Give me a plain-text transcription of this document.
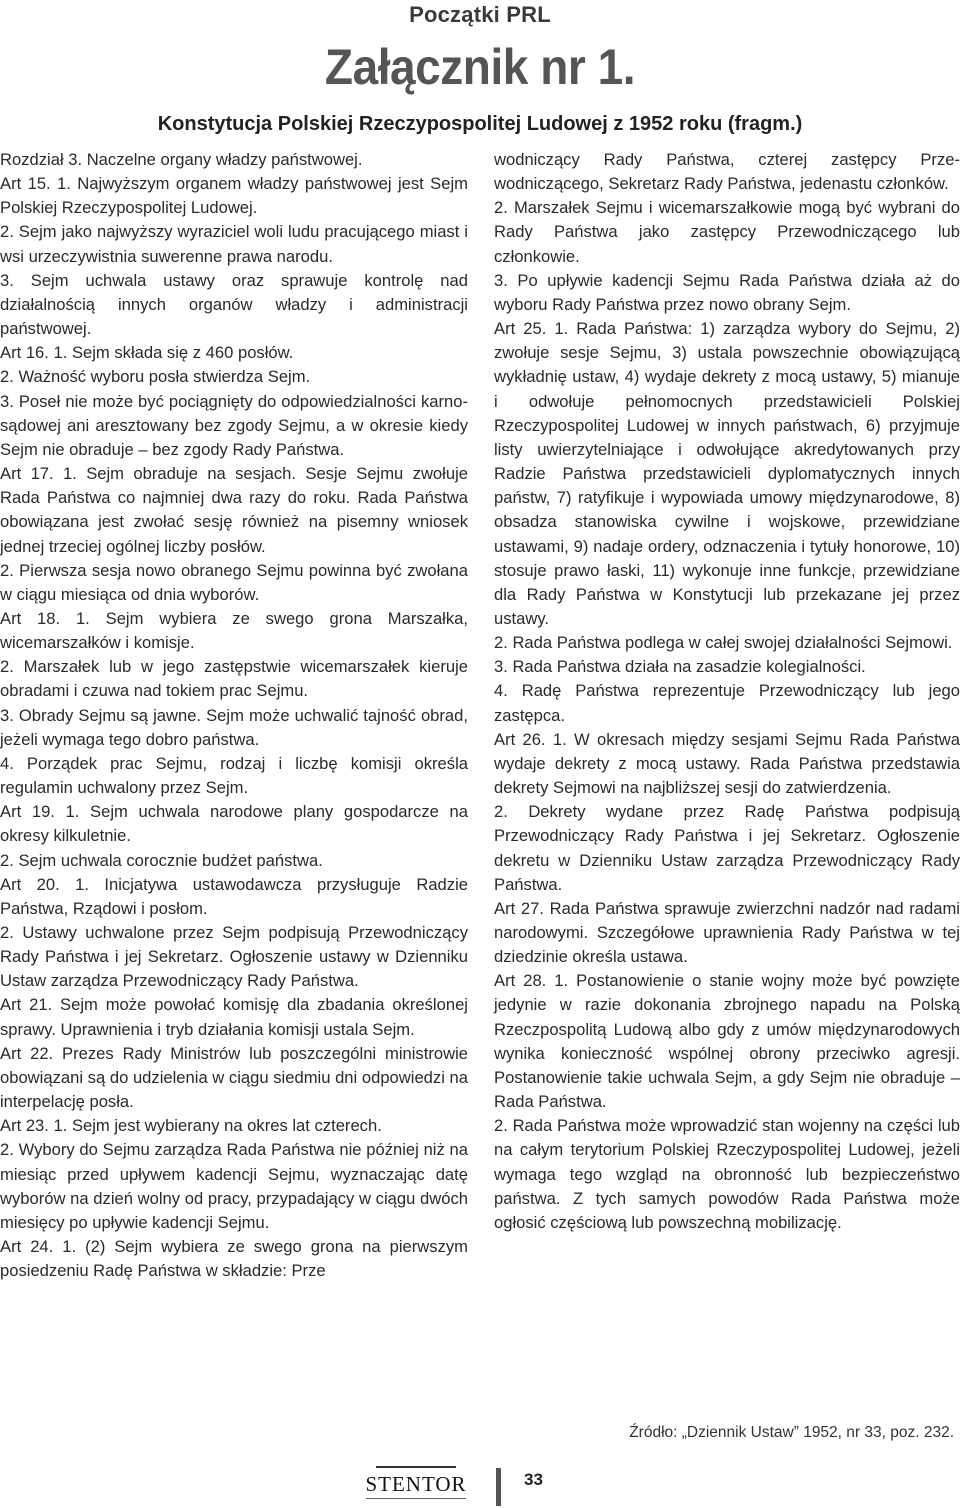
Początki PRL
Załącznik nr 1.
Konstytucja Polskiej Rzeczypospolitej Ludowej z 1952 roku (fragm.)

Rozdział 3. Naczelne organy władzy państwowej.

Art 15. 1. Najwyższym organem władzy państwowej jest Sejm Polskiej Rzeczypospolitej Ludowej.

2. Sejm jako najwyższy wyraziciel woli ludu pracującego miast i wsi urzeczywistnia suwerenne prawa narodu.

3. Sejm uchwala ustawy oraz sprawuje kontrolę nad działalnością innych organów władzy i administracji państwowej.

Art 16. 1. Sejm składa się z 460 posłów.

2. Ważność wyboru posła stwierdza Sejm.

3. Poseł nie może być pociągnięty do odpowiedzialności karno-sądowej ani aresztowany bez zgody Sejmu, a w okresie kiedy Sejm nie obraduje – bez zgody Rady Państwa.

Art 17. 1. Sejm obraduje na sesjach. Sesje Sejmu zwołuje Rada Państwa co najmniej dwa razy do roku. Rada Państwa obowiązana jest zwołać sesję również na pisemny wniosek jednej trzeciej ogólnej liczby posłów.

2. Pierwsza sesja nowo obranego Sejmu powinna być zwołana w ciągu miesiąca od dnia wyborów.

Art 18. 1. Sejm wybiera ze swego grona Marszałka, wicemarszałków i komisje.

2. Marszałek lub w jego zastępstwie wicemarszałek kieruje obradami i czuwa nad tokiem prac Sejmu.

3. Obrady Sejmu są jawne. Sejm może uchwalić tajność obrad, jeżeli wymaga tego dobro państwa.

4. Porządek prac Sejmu, rodzaj i liczbę komisji określa regulamin uchwalony przez Sejm.

Art 19. 1. Sejm uchwala narodowe plany gospodarcze na okresy kilkuletnie.

2. Sejm uchwala corocznie budżet państwa.

Art 20. 1. Inicjatywa ustawodawcza przysługuje Radzie Państwa, Rządowi i posłom.

2. Ustawy uchwalone przez Sejm podpisują Przewodniczący Rady Państwa i jej Sekretarz. Ogłoszenie ustawy w Dzienniku Ustaw zarządza Przewodniczący Rady Państwa.

Art 21. Sejm może powołać komisję dla zbadania określonej sprawy. Uprawnienia i tryb działania komisji ustala Sejm.

Art 22. Prezes Rady Ministrów lub poszczególni ministrowie obowiązani są do udzielenia w ciągu siedmiu dni odpowiedzi na interpelację posła.

Art 23. 1. Sejm jest wybierany na okres lat czterech.

2. Wybory do Sejmu zarządza Rada Państwa nie później niż na miesiąc przed upływem kadencji Sejmu, wyznaczając datę wyborów na dzień wolny od pracy, przypadający w ciągu dwóch miesięcy po upływie kadencji Sejmu.

Art 24. 1. (2) Sejm wybiera ze swego grona na pierwszym posiedzeniu Radę Państwa w składzie: Prze

wodniczący Rady Państwa, czterej zastępcy Przewodniczącego, Sekretarz Rady Państwa, jedenastu członków.

2. Marszałek Sejmu i wicemarszałkowie mogą być wybrani do Rady Państwa jako zastępcy Przewodniczącego lub członkowie.

3. Po upływie kadencji Sejmu Rada Państwa działa aż do wyboru Rady Państwa przez nowo obrany Sejm.

Art 25. 1. Rada Państwa: 1) zarządza wybory do Sejmu, 2) zwołuje sesje Sejmu, 3) ustala powszechnie obowiązującą wykładnię ustaw, 4) wydaje dekrety z mocą ustawy, 5) mianuje i odwołuje pełnomocnych przedstawicieli Polskiej Rzeczypospolitej Ludowej w innych państwach, 6) przyjmuje listy uwierzytelniające i odwołujące akredytowanych przy Radzie Państwa przedstawicieli dyplomatycznych innych państw, 7) ratyfikuje i wypowiada umowy międzynarodowe, 8) obsadza stanowiska cywilne i wojskowe, przewidziane ustawami, 9) nadaje ordery, odznaczenia i tytuły honorowe, 10) stosuje prawo łaski, 11) wykonuje inne funkcje, przewidziane dla Rady Państwa w Konstytucji lub przekazane jej przez ustawy.

2. Rada Państwa podlega w całej swojej działalności Sejmowi.

3. Rada Państwa działa na zasadzie kolegialności.

4. Radę Państwa reprezentuje Przewodniczący lub jego zastępca.

Art 26. 1. W okresach między sesjami Sejmu Rada Państwa wydaje dekrety z mocą ustawy. Rada Państwa przedstawia dekrety Sejmowi na najbliższej sesji do zatwierdzenia.

2. Dekrety wydane przez Radę Państwa podpisują Przewodniczący Rady Państwa i jej Sekretarz. Ogłoszenie dekretu w Dzienniku Ustaw zarządza Przewodniczący Rady Państwa.

Art 27. Rada Państwa sprawuje zwierzchni nadzór nad radami narodowymi. Szczegółowe uprawnienia Rady Państwa w tej dziedzinie określa ustawa.

Art 28. 1. Postanowienie o stanie wojny może być powzięte jedynie w razie dokonania zbrojnego napadu na Polską Rzeczpospolitą Ludową albo gdy z umów międzynarodowych wynika konieczność wspólnej obrony przeciwko agresji. Postanowienie takie uchwala Sejm, a gdy Sejm nie obraduje – Rada Państwa.

2. Rada Państwa może wprowadzić stan wojenny na części lub na całym terytorium Polskiej Rzeczypospolitej Ludowej, jeżeli wymaga tego wzgląd na obronność lub bezpieczeństwo państwa. Z tych samych powodów Rada Państwa może ogłosić częściową lub powszechną mobilizację.

Źródło: „Dziennik Ustaw” 1952, nr 33, poz. 232.
STENTOR	33
